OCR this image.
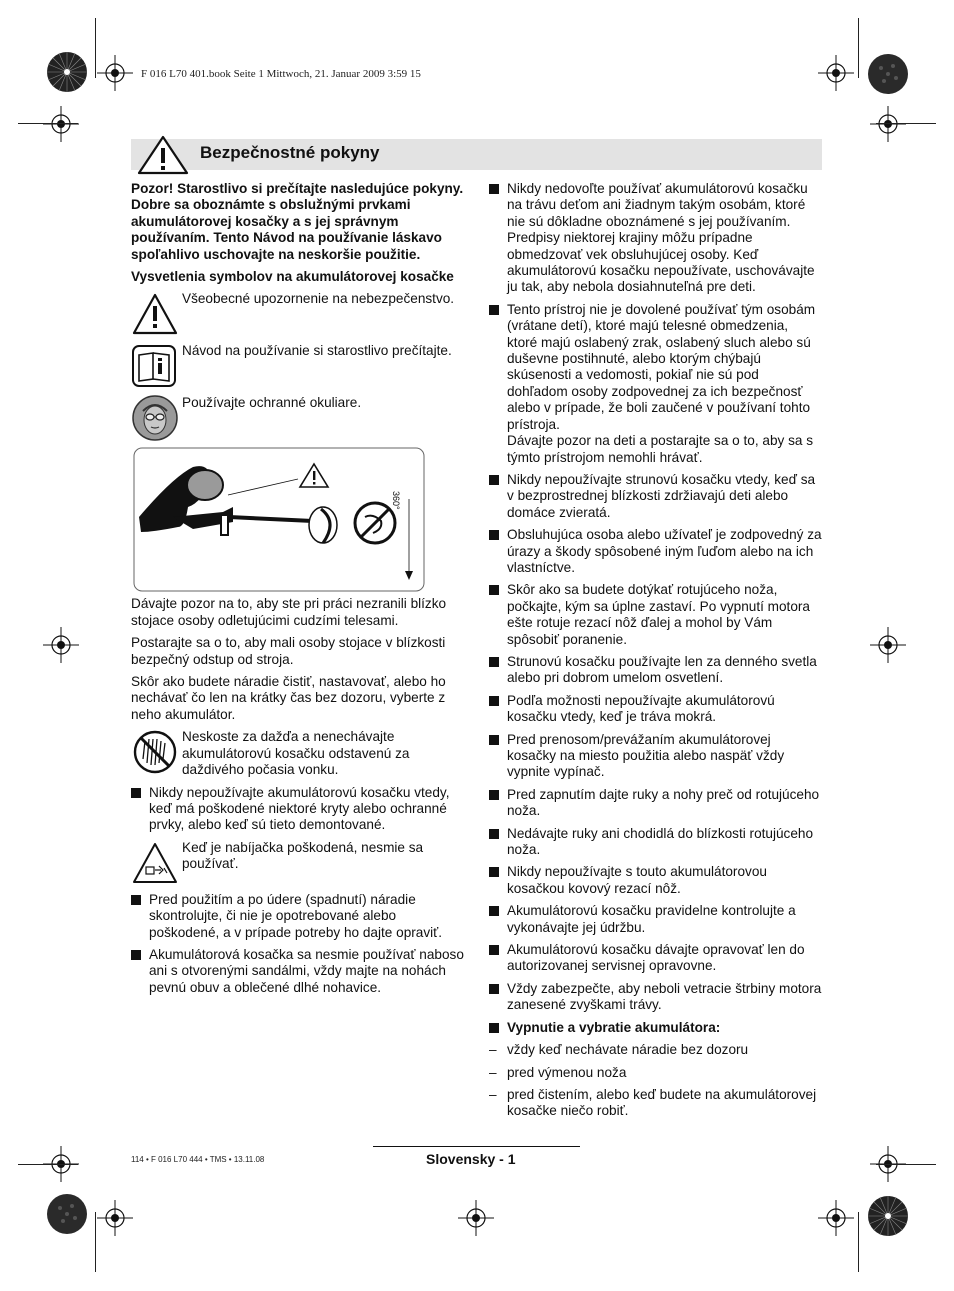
F 016 L70 401.book Seite 1 Mittwoch, 21. Januar 2009 3:59 15
Bezpečnostné pokyny

Pozor! Starostlivo si prečítajte nasledujúce pokyny. Dobre sa oboznámte s obslužnými prvkami akumulátorovej kosačky a s jej správnym používaním. Tento Návod na používanie láskavo spoľahlivo uschovajte na neskoršie použitie.

Vysvetlenia symbolov na akumulátorovej kosačke

Všeobecné upozornenie na nebezpečenstvo.
Návod na používanie si starostlivo prečítajte.
Používajte ochranné okuliare.
360°

Dávajte pozor na to, aby ste pri práci nezranili blízko stojace osoby odletujúcimi cudzími telesami.

Postarajte sa o to, aby mali osoby stojace v blízkosti bezpečný odstup od stroja.

Skôr ako budete náradie čistiť, nastavovať, alebo ho nechávať čo len na krátky čas bez dozoru, vyberte z neho akumulátor.

Neskoste za dažďa a nenechávajte akumulátorovú kosačku odstavenú za daždivého počasia vonku.
Nikdy nepoužívajte akumulátorovú kosačku vtedy, keď má poškodené niektoré kryty alebo ochranné prvky, alebo keď sú tieto demontované.
Keď je nabíjačka poškodená, nesmie sa používať.
Pred použitím a po údere (spadnutí) náradie skontrolujte, či nie je opotrebované alebo poškodené, a v prípade potreby ho dajte opraviť.
Akumulátorová kosačka sa nesmie používať naboso ani s otvorenými sandálmi, vždy majte na nohách pevnú obuv a oblečené dlhé nohavice.
Nikdy nedovoľte používať akumulátorovú kosačku na trávu deťom ani žiadnym takým osobám, ktoré nie sú dôkladne oboznámené s jej používaním. Predpisy niektorej krajiny môžu prípadne obmedzovať vek obsluhujúcej osoby. Keď akumulátorovú kosačku nepoužívate, uschovávajte ju tak, aby nebola dosiahnuteľná pre deti.
Tento prístroj nie je dovolené používať tým osobám (vrátane detí), ktoré majú telesné obmedzenia, ktoré majú oslabený zrak, oslabený sluch alebo sú duševne postihnuté, alebo ktorým chýbajú skúsenosti a vedomosti, pokiaľ nie sú pod dohľadom osoby zodpovednej za ich bezpečnosť alebo v prípade, že boli zaučené v používaní tohto prístroja.
Dávajte pozor na deti a postarajte sa o to, aby sa s týmto prístrojom nemohli hrávať.
Nikdy nepoužívajte strunovú kosačku vtedy, keď sa v bezprostrednej blízkosti zdržiavajú deti alebo domáce zvieratá.
Obsluhujúca osoba alebo užívateľ je zodpovedný za úrazy a škody spôsobené iným ľuďom alebo na ich vlastníctve.
Skôr ako sa budete dotýkať rotujúceho noža, počkajte, kým sa úplne zastaví. Po vypnutí motora ešte rotuje rezací nôž ďalej a mohol by Vám spôsobiť poranenie.
Strunovú kosačku používajte len za denného svetla alebo pri dobrom umelom osvetlení.
Podľa možnosti nepoužívajte akumulátorovú kosačku vtedy, keď je tráva mokrá.
Pred prenosom/prevážaním akumulátorovej kosačky na miesto použitia alebo naspäť vždy vypnite vypínač.
Pred zapnutím dajte ruky a nohy preč od rotujúceho noža.
Nedávajte ruky ani chodidlá do blízkosti rotujúceho noža.
Nikdy nepoužívajte s touto akumulátorovou kosačkou kovový rezací nôž.
Akumulátorovú kosačku pravidelne kontrolujte a vykonávajte jej údržbu.
Akumulátorovú kosačku dávajte opravovať len do autorizovanej servisnej opravovne.
Vždy zabezpečte, aby neboli vetracie štrbiny motora zanesené zvyškami trávy.
Vypnutie a vybratie akumulátora:
– vždy keď nechávate náradie bez dozoru
– pred výmenou noža
– pred čistením, alebo keď budete na akumulátorovej kosačke niečo robiť.
114 • F 016 L70 444 • TMS • 13.11.08	Slovensky - 1
